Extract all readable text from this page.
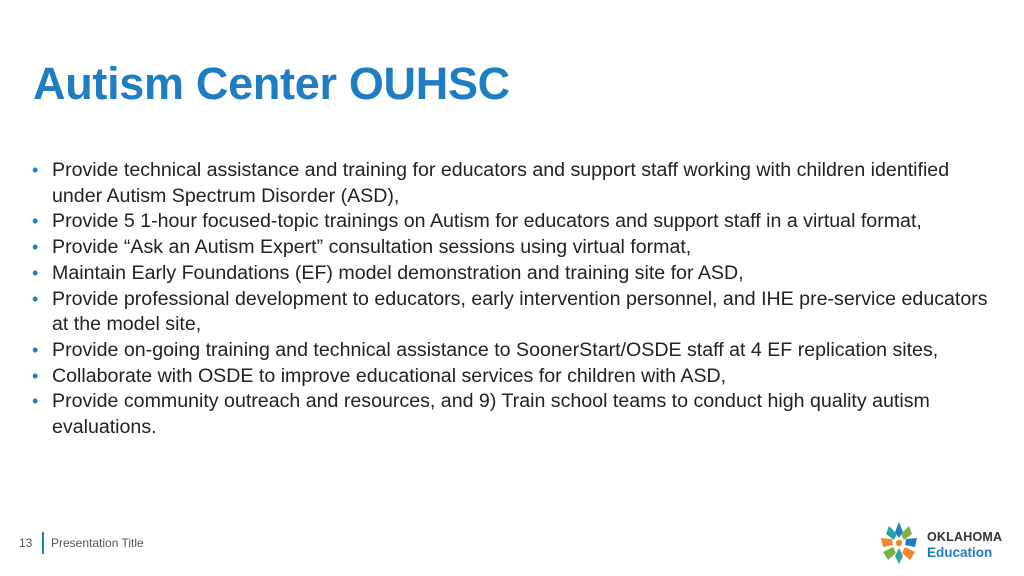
Autism Center OUHSC
• Provide technical assistance and training for educators and support staff working with children identified under Autism Spectrum Disorder (ASD),
• Provide 5 1-hour focused-topic trainings on Autism for educators and support staff in a virtual format,
• Provide “Ask an Autism Expert” consultation sessions using virtual format,
• Maintain Early Foundations (EF) model demonstration and training site for ASD,
• Provide professional development to educators, early intervention personnel, and IHE pre-service educators at the model site,
• Provide on-going training and technical assistance to SoonerStart/OSDE staff at 4 EF replication sites,
• Collaborate with OSDE to improve educational services for children with ASD,
• Provide community outreach and resources, and 9) Train school teams to conduct high quality autism evaluations.
13 Presentation Title	OKLAHOMA
Education
